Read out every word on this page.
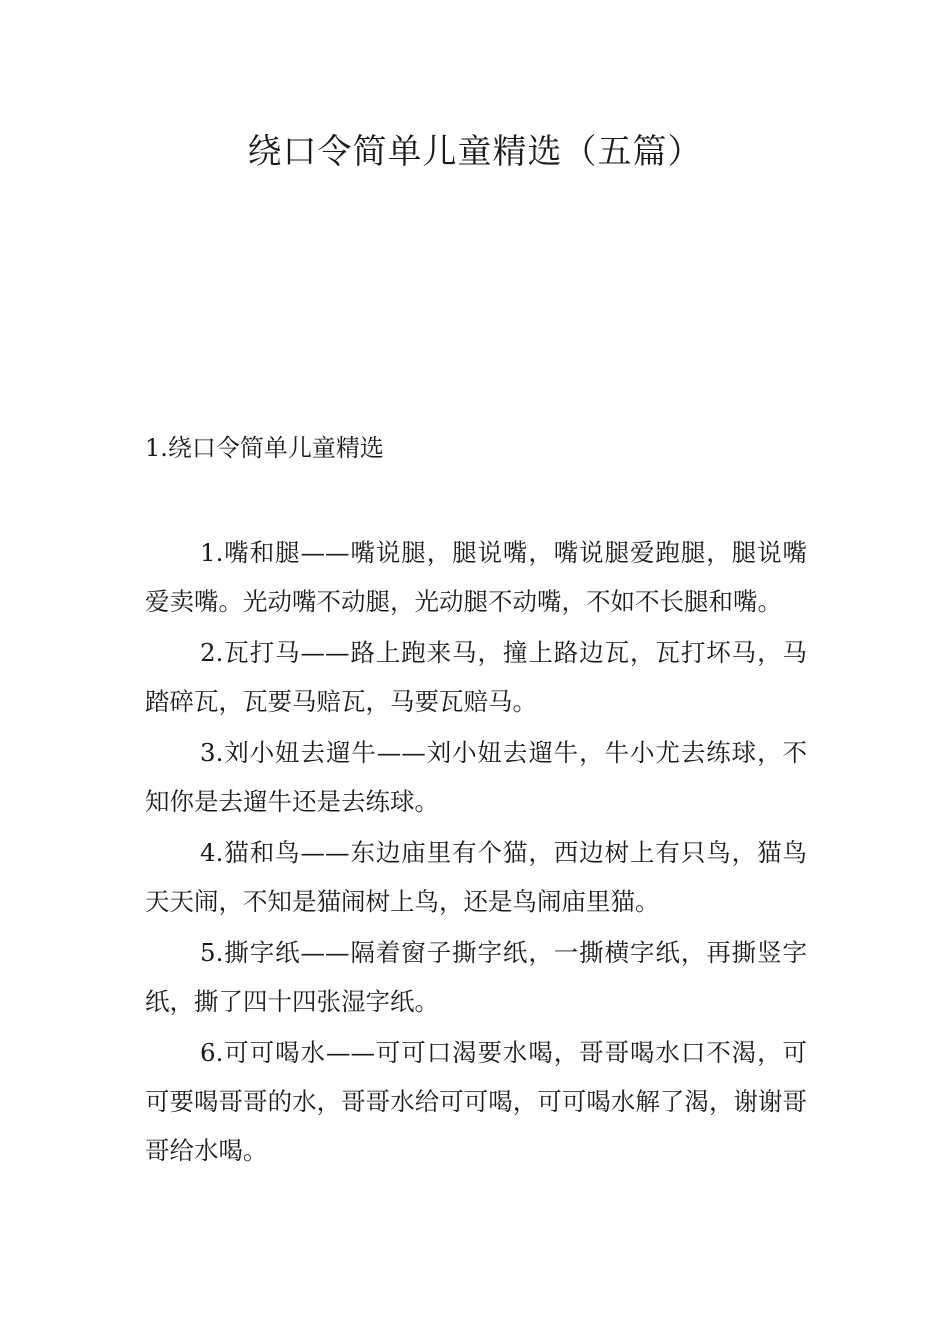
绕口令简单儿童精选（五篇）
1.绕口令简单儿童精选

1.嘴和腿——嘴说腿，腿说嘴，嘴说腿爱跑腿，腿说嘴爱卖嘴。光动嘴不动腿，光动腿不动嘴，不如不长腿和嘴。

2.瓦打马——路上跑来马，撞上路边瓦，瓦打坏马，马踏碎瓦，瓦要马赔瓦，马要瓦赔马。

3.刘小妞去遛牛——刘小妞去遛牛，牛小尤去练球，不知你是去遛牛还是去练球。

4.猫和鸟——东边庙里有个猫，西边树上有只鸟，猫鸟天天闹，不知是猫闹树上鸟，还是鸟闹庙里猫。

5.撕字纸——隔着窗子撕字纸，一撕横字纸，再撕竖字纸，撕了四十四张湿字纸。

6.可可喝水——可可口渴要水喝，哥哥喝水口不渴，可可要喝哥哥的水，哥哥水给可可喝，可可喝水解了渴，谢谢哥哥给水喝。
